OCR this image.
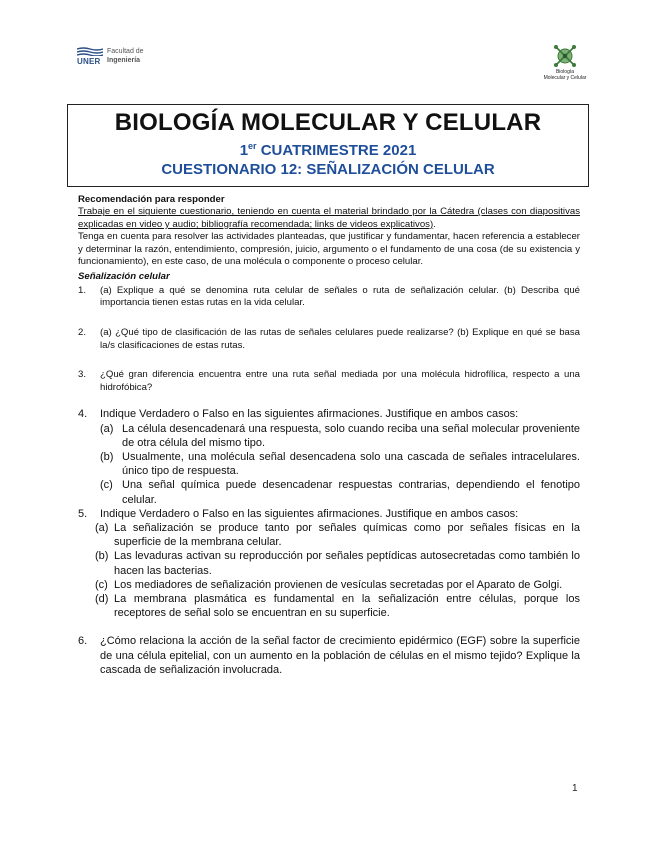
UNER
Facultad de
Ingeniería
Biología
Molecular y Celular
BIOLOGÍA MOLECULAR Y CELULAR
1er CUATRIMESTRE 2021
CUESTIONARIO 12: SEÑALIZACIÓN CELULAR
Recomendación para responder
Trabaje en el siguiente cuestionario, teniendo en cuenta el material brindado por la Cátedra (clases con diapositivas explicadas en video y audio; bibliografía recomendada; links de videos explicativos).
Tenga en cuenta para resolver las actividades planteadas, que justificar y fundamentar, hacen referencia a establecer y determinar la razón, entendimiento, compresión, juicio, argumento o el fundamento de una cosa (de su existencia y funcionamiento), en este caso, de una molécula o componente o proceso celular.
Señalización celular
1. (a) Explique a qué se denomina ruta celular de señales o ruta de señalización celular. (b) Describa qué importancia tienen estas rutas en la vida celular.
2. (a) ¿Qué tipo de clasificación de las rutas de señales celulares puede realizarse? (b) Explique en qué se basa la/s clasificaciones de estas rutas.
3. ¿Qué gran diferencia encuentra entre una ruta señal mediada por una molécula hidrofílica, respecto a una hidrofóbica?
4. Indique Verdadero o Falso en las siguientes afirmaciones. Justifique en ambos casos:
(a) La célula desencadenará una respuesta, solo cuando reciba una señal molecular proveniente de otra célula del mismo tipo.
(b) Usualmente, una molécula señal desencadena solo una cascada de señales intracelulares. único tipo de respuesta.
(c) Una señal química puede desencadenar respuestas contrarias, dependiendo el fenotipo celular.
5. Indique Verdadero o Falso en las siguientes afirmaciones. Justifique en ambos casos:
(a) La señalización se produce tanto por señales químicas como por señales físicas en la superficie de la membrana celular.
(b) Las levaduras activan su reproducción por señales peptídicas autosecretadas como también lo hacen las bacterias.
(c) Los mediadores de señalización provienen de vesículas secretadas por el Aparato de Golgi.
(d) La membrana plasmática es fundamental en la señalización entre células, porque los receptores de señal solo se encuentran en su superficie.
6. ¿Cómo relaciona la acción de la señal factor de crecimiento epidérmico (EGF) sobre la superficie de una célula epitelial, con un aumento en la población de células en el mismo tejido? Explique la cascada de señalización involucrada.
1
